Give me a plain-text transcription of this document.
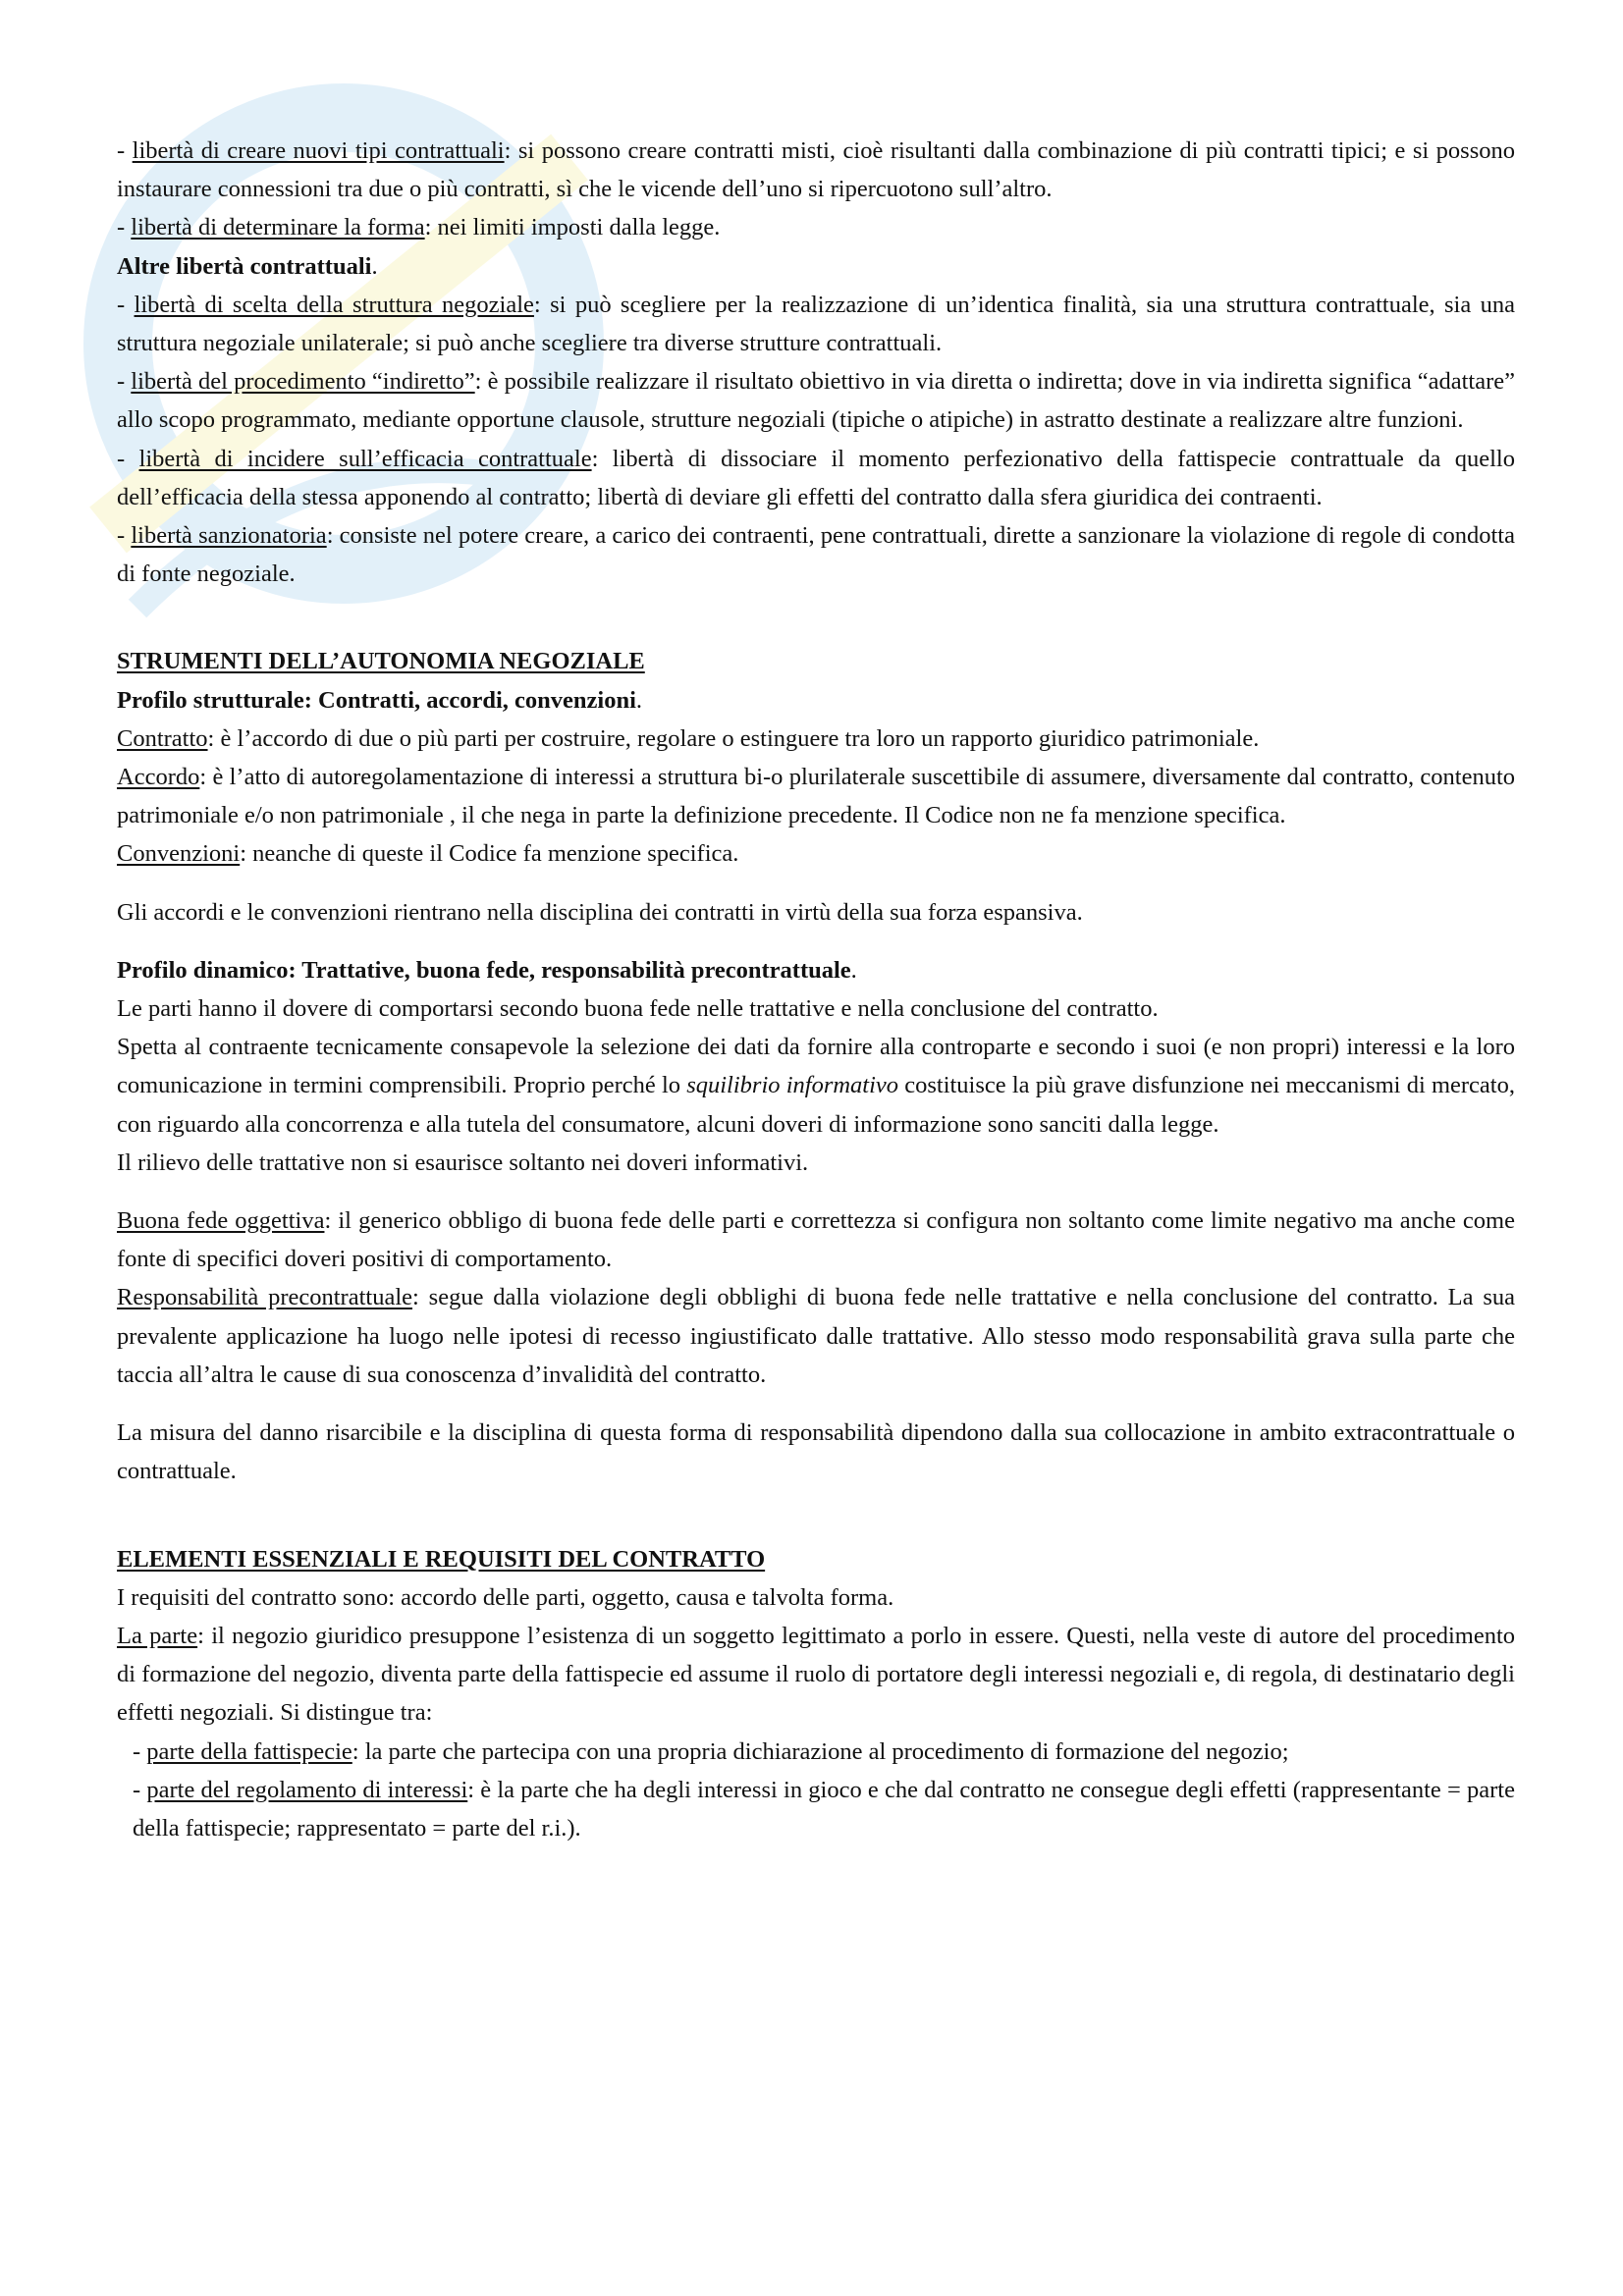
- libertà di creare nuovi tipi contrattuali: si possono creare contratti misti, cioè risultanti dalla combinazione di più contratti tipici; e si possono instaurare connessioni tra due o più contratti, sì che le vicende dell’uno si ripercuotono sull’altro.

- libertà di determinare la forma: nei limiti imposti dalla legge.

Altre libertà contrattuali.

- libertà di scelta della struttura negoziale: si può scegliere per la realizzazione di un’identica finalità, sia una struttura contrattuale, sia una struttura negoziale unilaterale; si può anche scegliere tra diverse strutture contrattuali.

- libertà del procedimento “indiretto”: è possibile realizzare il risultato obiettivo in via diretta o indiretta; dove in via indiretta significa “adattare” allo scopo programmato, mediante opportune clausole, strutture negoziali (tipiche o atipiche) in astratto destinate a realizzare altre funzioni.

- libertà di incidere sull’efficacia contrattuale: libertà di dissociare il momento perfezionativo della fattispecie contrattuale da quello dell’efficacia della stessa apponendo al contratto; libertà di deviare gli effetti del contratto dalla sfera giuridica dei contraenti.

- libertà sanzionatoria: consiste nel potere creare, a carico dei contraenti, pene contrattuali, dirette a sanzionare la violazione di regole di condotta di fonte negoziale.

STRUMENTI DELL’AUTONOMIA NEGOZIALE

Profilo strutturale: Contratti, accordi, convenzioni.

Contratto: è l’accordo di due o più parti per costruire, regolare o estinguere tra loro un rapporto giuridico patrimoniale.

Accordo: è l’atto di autoregolamentazione di interessi a struttura bi-o plurilaterale suscettibile di assumere, diversamente dal contratto, contenuto patrimoniale e/o non patrimoniale , il che nega in parte la definizione precedente. Il Codice non ne fa menzione specifica.

Convenzioni: neanche di queste il Codice fa menzione specifica.

Gli accordi e le convenzioni rientrano nella disciplina dei contratti in virtù della sua forza espansiva.

Profilo dinamico: Trattative, buona fede, responsabilità precontrattuale.

Le parti hanno il dovere di comportarsi secondo buona fede nelle trattative e nella conclusione del contratto.

Spetta al contraente tecnicamente consapevole la selezione dei dati da fornire alla controparte e secondo i suoi (e non propri) interessi e la loro comunicazione in termini comprensibili. Proprio perché lo squilibrio informativo costituisce la più grave disfunzione nei meccanismi di mercato, con riguardo alla concorrenza e alla tutela del consumatore, alcuni doveri di informazione sono sanciti dalla legge.

Il rilievo delle trattative non si esaurisce soltanto nei doveri informativi.

Buona fede oggettiva: il generico obbligo di buona fede delle parti e correttezza si configura non soltanto come limite negativo ma anche come fonte di specifici doveri positivi di comportamento.

Responsabilità precontrattuale: segue dalla violazione degli obblighi di buona fede nelle trattative e nella conclusione del contratto. La sua prevalente applicazione ha luogo nelle ipotesi di recesso ingiustificato dalle trattative. Allo stesso modo responsabilità grava sulla parte che taccia all’altra le cause di sua conoscenza d’invalidità del contratto.

La misura del danno risarcibile e la disciplina di questa forma di responsabilità dipendono dalla sua collocazione in ambito extracontrattuale o contrattuale.

ELEMENTI ESSENZIALI E REQUISITI DEL CONTRATTO

I requisiti del contratto sono: accordo delle parti, oggetto, causa e talvolta forma.

La parte: il negozio giuridico presuppone l’esistenza di un soggetto legittimato a porlo in essere. Questi, nella veste di autore del procedimento di formazione del negozio, diventa parte della fattispecie ed assume il ruolo di portatore degli interessi negoziali e, di regola, di destinatario degli effetti negoziali. Si distingue tra:

- parte della fattispecie: la parte che partecipa con una propria dichiarazione al procedimento di formazione del negozio;

- parte del regolamento di interessi: è la parte che ha degli interessi in gioco e che dal contratto ne consegue degli effetti (rappresentante = parte della fattispecie; rappresentato = parte del r.i.).
